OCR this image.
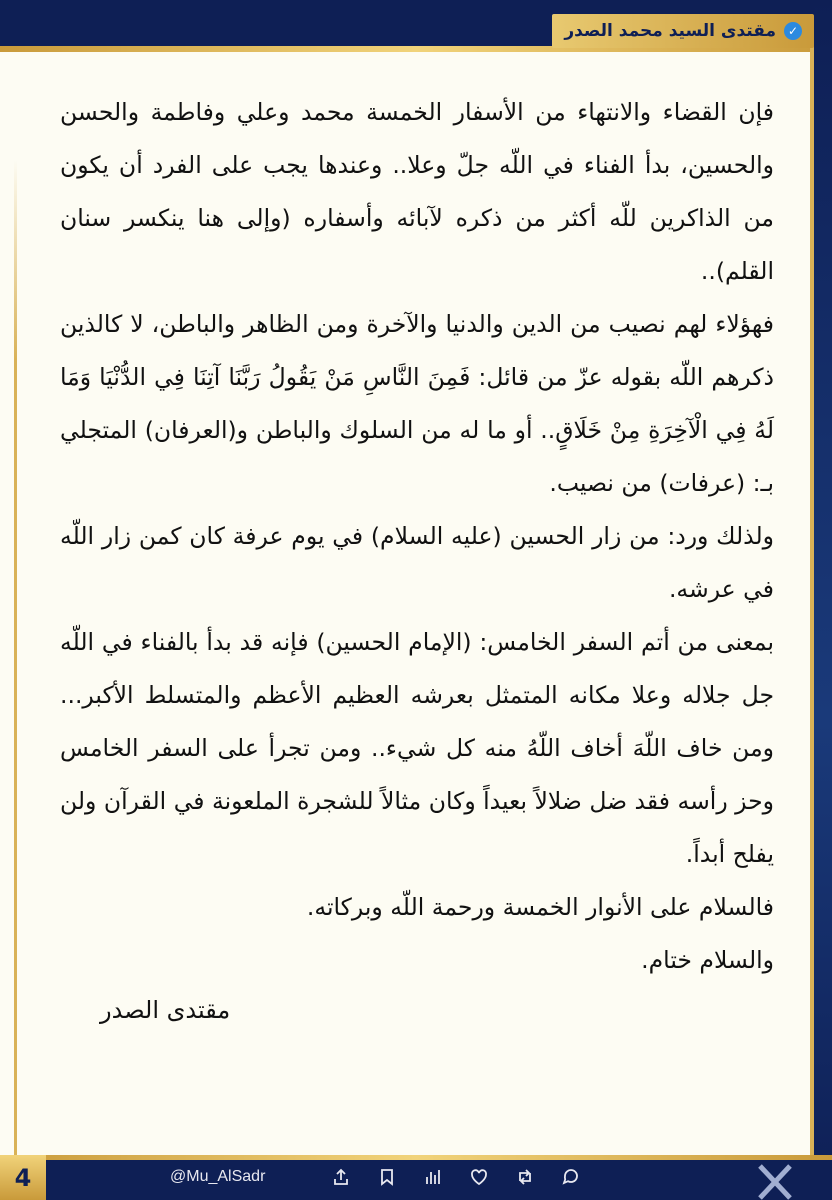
مقتدى السيد محمد الصدر ✓

فإن القضاء والانتهاء من الأسفار الخمسة محمد وعلي وفاطمة والحسن والحسين، بدأ الفناء في اللّه جلّ وعلا.. وعندها يجب على الفرد أن يكون من الذاكرين للّه أكثر من ذكره لآبائه وأسفاره (وإلى هنا ينكسر سنان القلم)..

فهؤلاء لهم نصيب من الدين والدنيا والآخرة ومن الظاهر والباطن، لا كالذين ذكرهم اللّه بقوله عزّ من قائل: فَمِنَ النَّاسِ مَنْ يَقُولُ رَبَّنَا آتِنَا فِي الدُّنْيَا وَمَا لَهُ فِي الْآخِرَةِ مِنْ خَلَاقٍ.. أو ما له من السلوك والباطن و(العرفان) المتجلي بـ: (عرفات) من نصيب.

ولذلك ورد: من زار الحسين (عليه السلام) في يوم عرفة كان كمن زار اللّه في عرشه.

بمعنى من أتم السفر الخامس: (الإمام الحسين) فإنه قد بدأ بالفناء في اللّه جل جلاله وعلا مكانه المتمثل بعرشه العظيم الأعظم والمتسلط الأكبر... ومن خاف اللّهَ أخاف اللّهُ منه كل شيء.. ومن تجرأ على السفر الخامس وحز رأسه فقد ضل ضلالاً بعيداً وكان مثالاً للشجرة الملعونة في القرآن ولن يفلح أبداً.

فالسلام على الأنوار الخمسة ورحمة اللّه وبركاته.

والسلام ختام.

مقتدى الصدر
4	@Mu_AlSadr
